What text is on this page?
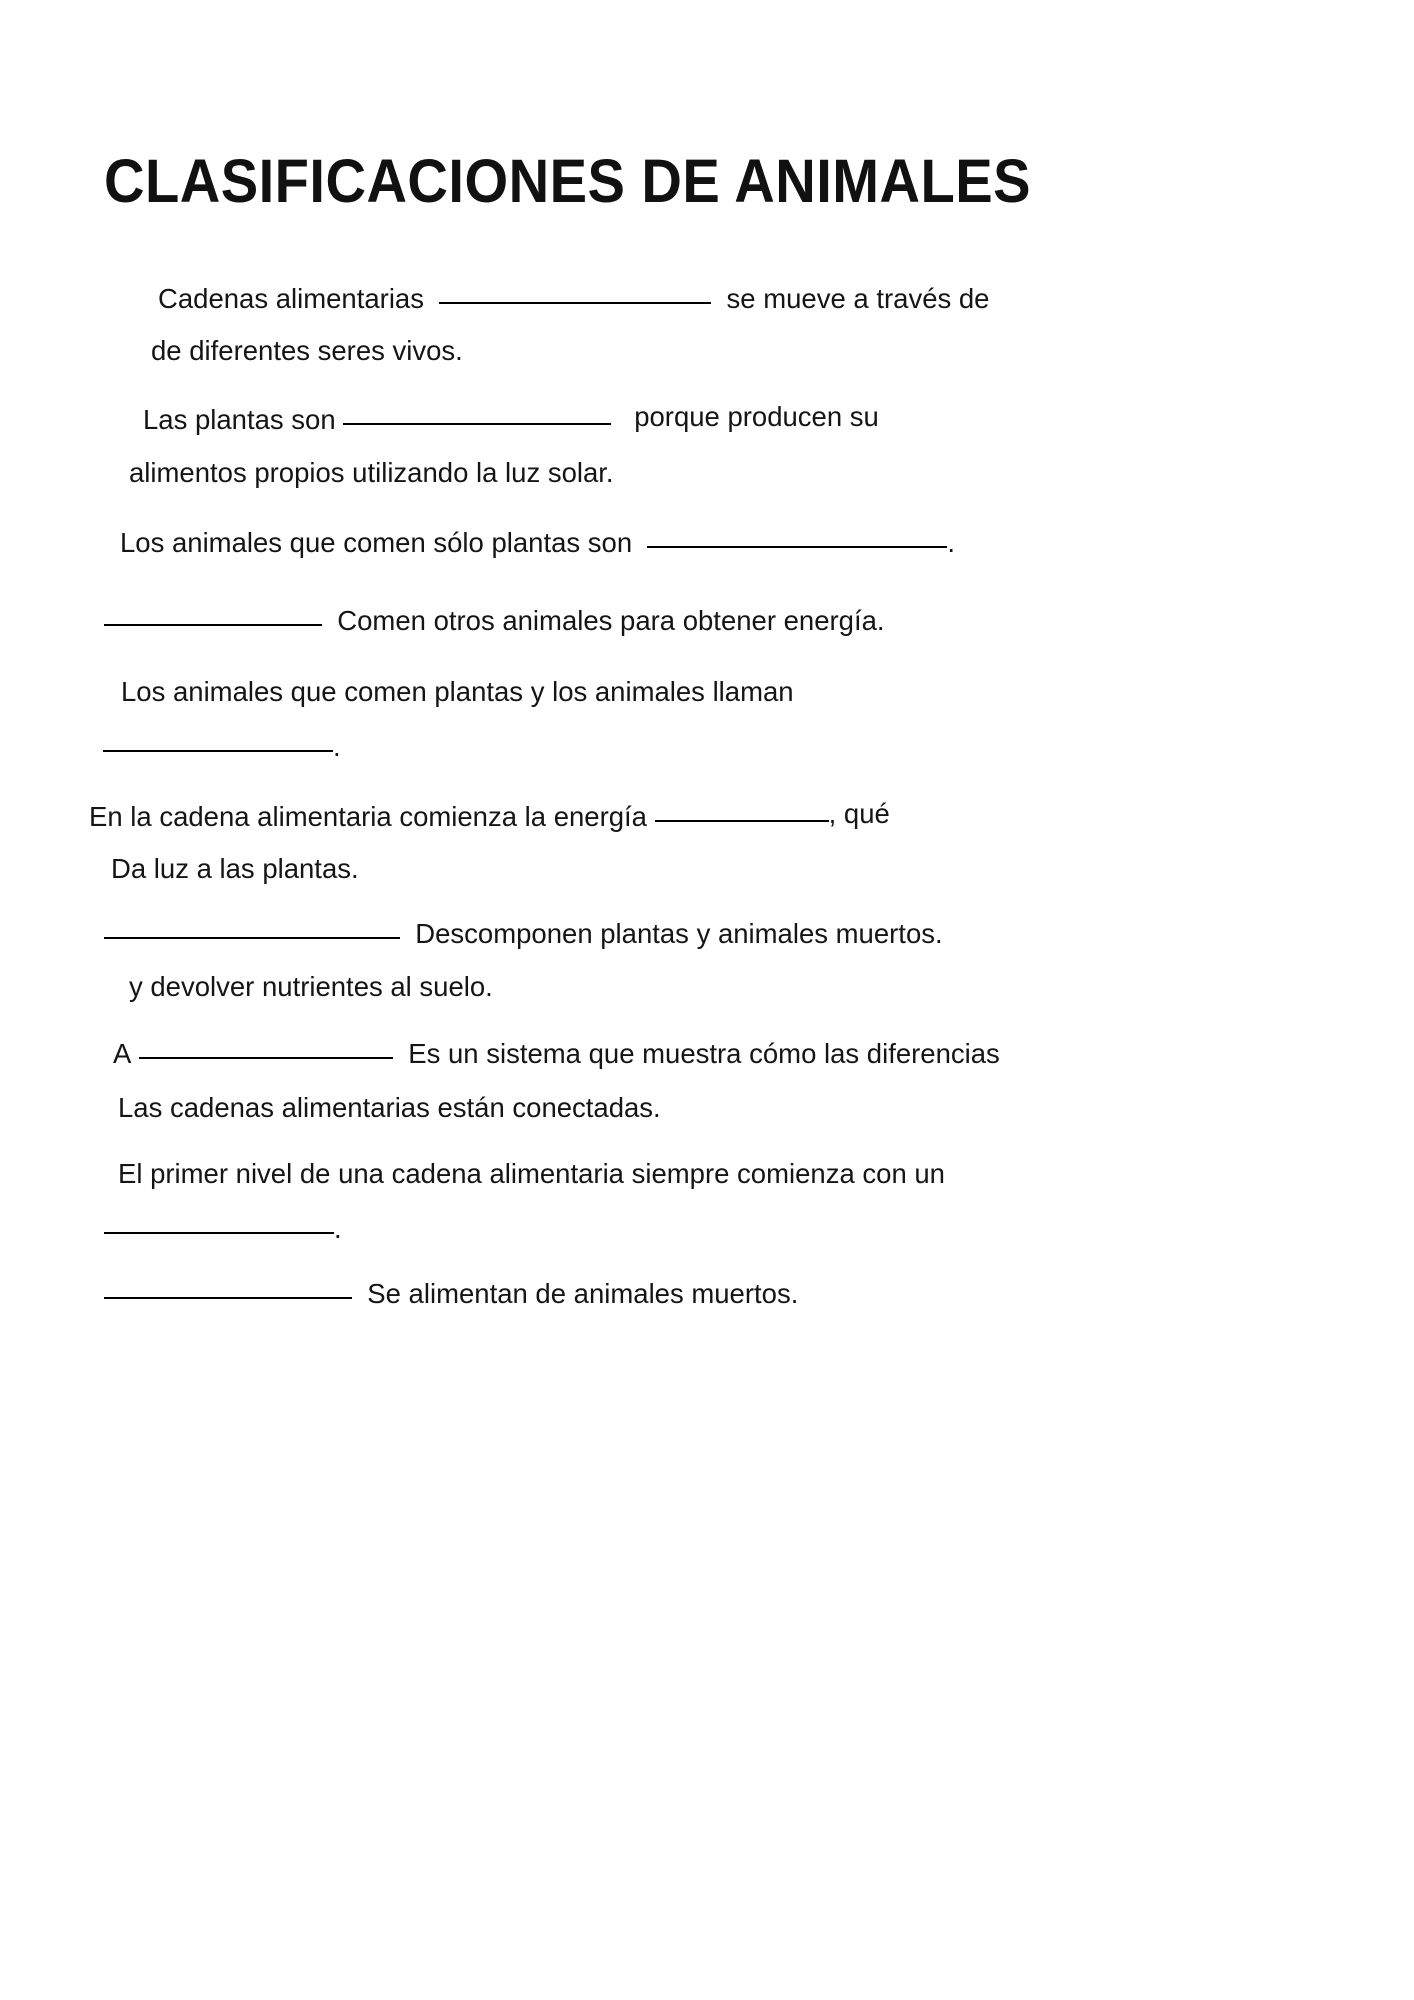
CLASIFICACIONES DE ANIMALES
Cadenas alimentarias	se mueve a través de
de diferentes seres vivos.
Las plantas son	porque producen su
alimentos propios utilizando la luz solar.
Los animales que comen sólo plantas son	.
Comen otros animales para obtener energía.
Los animales que comen plantas y los animales llaman
.
En la cadena alimentaria comienza la energía	, qué
Da luz a las plantas.
Descomponen plantas y animales muertos.
y devolver nutrientes al suelo.
A	Es un sistema que muestra cómo las diferencias
Las cadenas alimentarias están conectadas.
El primer nivel de una cadena alimentaria siempre comienza con un
.
Se alimentan de animales muertos.
